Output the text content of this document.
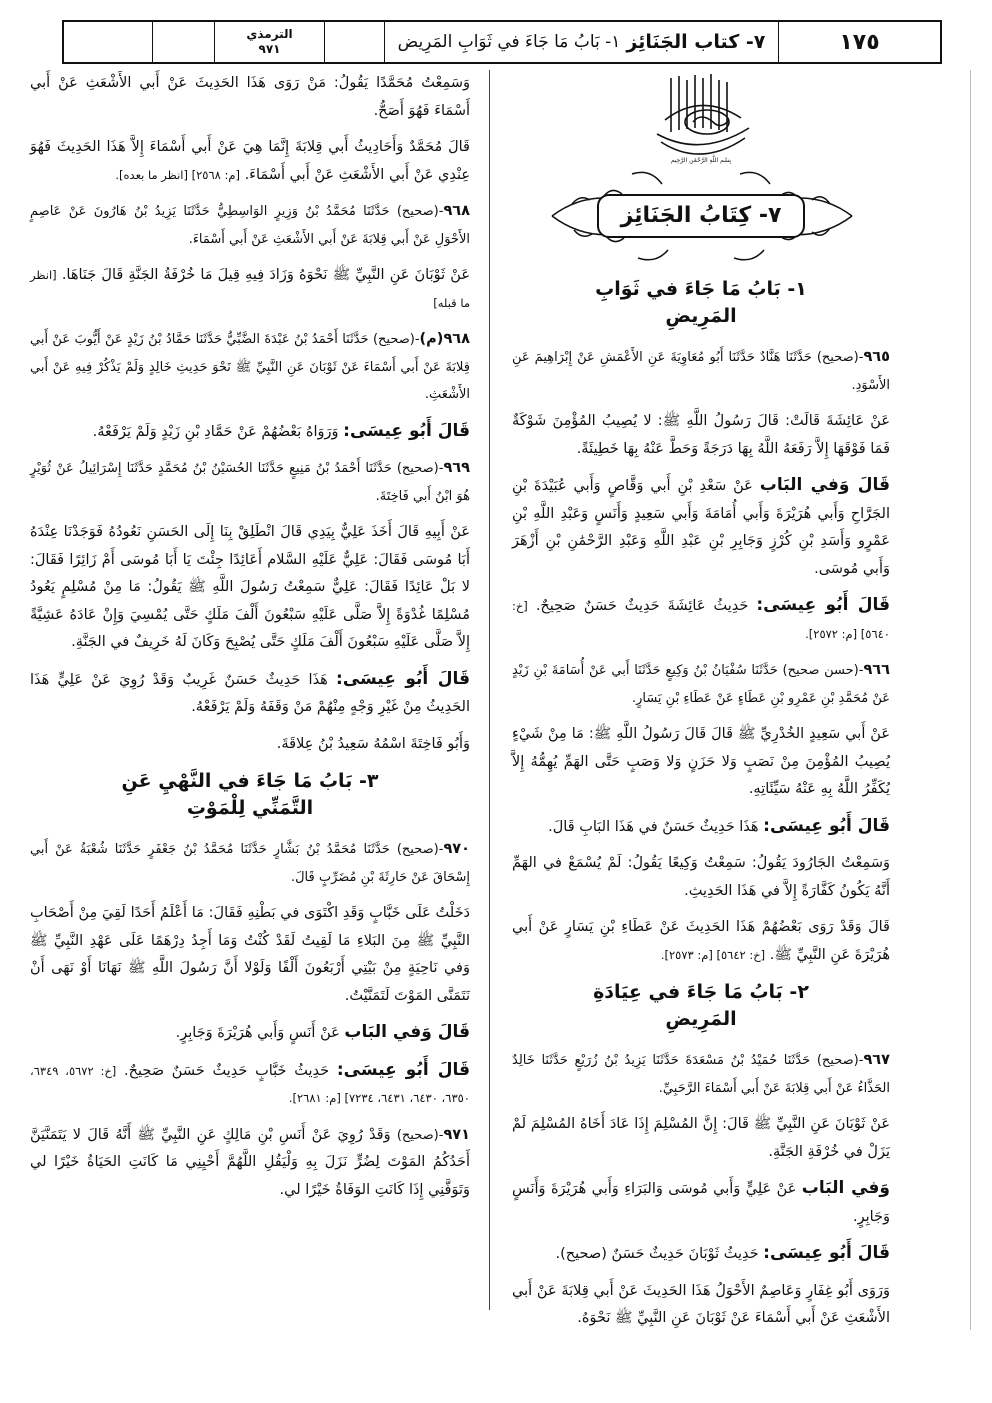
١٧٥
٧- كتاب الجَنَائِز
١- بَابُ مَا جَاءَ في ثَوَابِ المَرِيض
الترمذي
٩٧١
بِسْمِ اللَّهِ الرَّحْمَٰنِ الرَّحِيمِ
٧- كِتَابُ الجَنَائِز
١- بَابُ مَا جَاءَ في ثَوَابِ
المَرِيضِ

٩٦٥-(صحيح) حَدَّثَنَا هَنَّادٌ حَدَّثَنَا أَبُو مُعَاوِيَةَ عَنِ الأَعْمَشِ عَنْ إِبْرَاهِيمَ عَنِ الأَسْوَدِ.

عَنْ عَائِشَةَ قَالَتْ: قَالَ رَسُولُ اللَّهِ ﷺ: لا يُصِيبُ المُؤْمِنَ شَوْكَةٌ فَمَا فَوْقَهَا إِلاَّ رَفَعَهُ اللَّهُ بِهَا دَرَجَةً وَحَطَّ عَنْهُ بِهَا خَطِيئَةً.

قَالَ وَفي البَاب عَنْ سَعْدِ بْنِ أَبي وَقَّاصٍ وَأَبي عُبَيْدَةَ بْنِ الجَرَّاحِ وَأَبي هُرَيْرَةَ وَأَبي أُمَامَةَ وَأَبي سَعِيدٍ وَأَنَسٍ وَعَبْدِ اللَّهِ بْنِ عَمْرٍو وَأَسَدِ بْنِ كُرْزٍ وَجَابِرِ بْنِ عَبْدِ اللَّهِ وَعَبْدِ الرَّحْمَٰنِ بْنِ أَزْهَرَ وَأَبي مُوسَى.

قَالَ أَبُو عِيسَى: حَدِيثُ عَائِشَةَ حَدِيثٌ حَسَنٌ صَحِيحٌ. [خ: ٥٦٤٠] [م: ٢٥٧٢].

٩٦٦-(حسن صحيح) حَدَّثَنَا سُفْيَانُ بْنُ وَكِيعٍ حَدَّثَنَا أَبي عَنْ أُسَامَةَ بْنِ زَيْدٍ عَنْ مُحَمَّدِ بْنِ عَمْرِو بْنِ عَطَاءٍ عَنْ عَطَاءِ بْنِ يَسَارٍ.

عَنْ أَبي سَعِيدٍ الخُدْرِيِّ ﷺ قَالَ قَالَ رَسُولُ اللَّهِ ﷺ: مَا مِنْ شَيْءٍ يُصِيبُ المُؤْمِنَ مِنْ نَصَبٍ وَلا حَزَنٍ وَلا وَصَبٍ حَتَّى الهَمِّ يُهِمُّهُ إِلاَّ يُكَفِّرُ اللَّهُ بِهِ عَنْهُ سَيِّئَاتِهِ.

قَالَ أَبُو عِيسَى: هَذَا حَدِيثٌ حَسَنٌ في هَذَا البَابِ قَالَ.

وَسَمِعْتُ الجَارُودَ يَقُولُ: سَمِعْتُ وَكِيعًا يَقُولُ: لَمْ يُسْمَعْ في الهَمِّ أَنَّهُ يَكُونُ كَفَّارَةً إِلاَّ في هَذَا الحَدِيثِ.

قَالَ وَقَدْ رَوَى بَعْضُهُمْ هَذَا الحَدِيثَ عَنْ عَطَاءِ بْنِ يَسَارٍ عَنْ أَبي هُرَيْرَةَ عَنِ النَّبِيِّ ﷺ. [خ: ٥٦٤٢] [م: ٢٥٧٣].

٢- بَابُ مَا جَاءَ في عِيَادَةِ
المَرِيضِ

٩٦٧-(صحيح) حَدَّثَنَا حُمَيْدُ بْنُ مَسْعَدَةَ حَدَّثَنَا يَزِيدُ بْنُ زُرَيْعٍ حَدَّثَنَا خَالِدٌ الحَذَّاءُ عَنْ أَبي قِلابَةَ عَنْ أَبي أَسْمَاءَ الرَّحَبِيِّ.

عَنْ ثَوْبَانَ عَنِ النَّبِيِّ ﷺ قَالَ: إِنَّ المُسْلِمَ إِذَا عَادَ أَخَاهُ المُسْلِمَ لَمْ يَزَلْ في خُرْفَةِ الجَنَّةِ.

وَفي البَاب عَنْ عَلِيٍّ وَأَبي مُوسَى وَالبَرَاءِ وَأَبي هُرَيْرَةَ وَأَنَسٍ وَجَابِرٍ.

قَالَ أَبُو عِيسَى: حَدِيثُ ثَوْبَانَ حَدِيثٌ حَسَنٌ (صحيح).

وَرَوَى أَبُو غِفَارٍ وَعَاصِمٌ الأَحْوَلُ هَذَا الحَدِيثَ عَنْ أَبي قِلابَةَ عَنْ أَبي الأَشْعَثِ عَنْ أَبي أَسْمَاءَ عَنْ ثَوْبَانَ عَنِ النَّبِيِّ ﷺ نَحْوَهُ.

وَسَمِعْتُ مُحَمَّدًا يَقُولُ: مَنْ رَوَى هَذَا الحَدِيثَ عَنْ أَبي الأَشْعَثِ عَنْ أَبي أَسْمَاءَ فَهُوَ أَصَحُّ.

قَالَ مُحَمَّدٌ وَأَحَادِيثُ أَبي قِلابَةَ إِنَّمَا هِيَ عَنْ أَبي أَسْمَاءَ إِلاَّ هَذَا الحَدِيثَ فَهُوَ عِنْدِي عَنْ أَبي الأَشْعَثِ عَنْ أَبي أَسْمَاءَ. [م: ٢٥٦٨] [انظر ما بعده].

٩٦٨-(صحيح) حَدَّثَنَا مُحَمَّدُ بْنُ وَزِيرٍ الوَاسِطِيُّ حَدَّثَنَا يَزِيدُ بْنُ هَارُونَ عَنْ عَاصِمٍ الأَحْوَلِ عَنْ أَبي قِلابَةَ عَنْ أَبي الأَشْعَثِ عَنْ أَبي أَسْمَاءَ.

عَنْ ثَوْبَانَ عَنِ النَّبِيِّ ﷺ نَحْوَهُ وَزَادَ فِيهِ قِيلَ مَا خُرْفَةُ الجَنَّةِ قَالَ جَنَاهَا. [انظر ما قبله]

٩٦٨(م)-(صحيح) حَدَّثَنَا أَحْمَدُ بْنُ عَبْدَةَ الضَّبِّيُّ حَدَّثَنَا حَمَّادُ بْنُ زَيْدٍ عَنْ أَيُّوبَ عَنْ أَبي قِلابَةَ عَنْ أَبي أَسْمَاءَ عَنْ ثَوْبَانَ عَنِ النَّبِيِّ ﷺ نَحْوَ حَدِيثِ خَالِدٍ وَلَمْ يَذْكُرْ فِيهِ عَنْ أَبي الأَشْعَثِ.

قَالَ أَبُو عِيسَى: وَرَوَاهُ بَعْضُهُمْ عَنْ حَمَّادِ بْنِ زَيْدٍ وَلَمْ يَرْفَعْهُ.

٩٦٩-(صحيح) حَدَّثَنَا أَحْمَدُ بْنُ مَنِيعٍ حَدَّثَنَا الحُسَيْنُ بْنُ مُحَمَّدٍ حَدَّثَنَا إِسْرَائِيلُ عَنْ ثُوَيْرٍ هُوَ ابْنُ أَبي فَاخِتَةَ.

عَنْ أَبِيهِ قَالَ أَخَذَ عَلِيٌّ بِيَدِي قَالَ انْطَلِقْ بِنَا إِلَى الحَسَنِ نَعُودُهُ فَوَجَدْنَا عِنْدَهُ أَبَا مُوسَى فَقَالَ: عَلِيٌّ عَلَيْهِ السَّلام أَعَائِدًا جِئْتَ يَا أَبَا مُوسَى أَمْ زَائِرًا فَقَالَ: لا بَلْ عَائِدًا فَقَالَ: عَلِيٌّ سَمِعْتُ رَسُولَ اللَّهِ ﷺ يَقُولُ: مَا مِنْ مُسْلِمٍ يَعُودُ مُسْلِمًا غُدْوَةً إِلاَّ صَلَّى عَلَيْهِ سَبْعُونَ أَلْفَ مَلَكٍ حَتَّى يُمْسِيَ وَإِنْ عَادَهُ عَشِيَّةً إِلاَّ صَلَّى عَلَيْهِ سَبْعُونَ أَلْفَ مَلَكٍ حَتَّى يُصْبِحَ وَكَانَ لَهُ خَرِيفٌ في الجَنَّةِ.

قَالَ أَبُو عِيسَى: هَذَا حَدِيثٌ حَسَنٌ غَرِيبٌ وَقَدْ رُوِيَ عَنْ عَلِيٍّ هَذَا الحَدِيثُ مِنْ غَيْرِ وَجْهٍ مِنْهُمْ مَنْ وَقَفَهُ وَلَمْ يَرْفَعْهُ.

وَأَبُو فَاخِتَةَ اسْمُهُ سَعِيدُ بْنُ عِلاقَةَ.

٣- بَابُ مَا جَاءَ في النَّهْيِ عَنِ
التَّمَنِّي لِلْمَوْتِ

٩٧٠-(صحيح) حَدَّثَنَا مُحَمَّدُ بْنُ بَشَّارٍ حَدَّثَنَا مُحَمَّدُ بْنُ جَعْفَرٍ حَدَّثَنَا شُعْبَةُ عَنْ أَبي إِسْحَاقَ عَنْ حَارِثَةَ بْنِ مُضَرِّبٍ قَالَ.

دَخَلْتُ عَلَى خَبَّابٍ وَقَدِ اكْتَوَى في بَطْنِهِ فَقَالَ: مَا أَعْلَمُ أَحَدًا لَقِيَ مِنْ أَصْحَابِ النَّبِيِّ ﷺ مِنَ البَلاءِ مَا لَقِيتُ لَقَدْ كُنْتُ وَمَا أَجِدُ دِرْهَمًا عَلَى عَهْدِ النَّبِيِّ ﷺ وَفي نَاحِيَةٍ مِنْ بَيْتِي أَرْبَعُونَ أَلْفًا وَلَوْلا أَنَّ رَسُولَ اللَّهِ ﷺ نَهَانَا أَوْ نَهَى أَنْ نَتَمَنَّى المَوْتَ لَتَمَنَّيْتُ.

قَالَ وَفي البَاب عَنْ أَنَسٍ وَأَبي هُرَيْرَةَ وَجَابِرٍ.

قَالَ أَبُو عِيسَى: حَدِيثُ خَبَّابٍ حَدِيثٌ حَسَنٌ صَحِيحٌ. [خ: ٥٦٧٢، ٦٣٤٩، ٦٣٥٠، ٦٤٣٠، ٦٤٣١، ٧٢٣٤] [م: ٢٦٨١].

٩٧١-(صحيح) وَقَدْ رُوِيَ عَنْ أَنَسِ بْنِ مَالِكٍ عَنِ النَّبِيِّ ﷺ أَنَّهُ قَالَ لا يَتَمَنَّيَنَّ أَحَدُكُمُ المَوْتَ لِضُرٍّ نَزَلَ بِهِ وَلْيَقُلِ اللَّهُمَّ أَحْيِنِي مَا كَانَتِ الحَيَاةُ خَيْرًا لي وَتَوَفَّنِي إِذَا كَانَتِ الوَفَاةُ خَيْرًا لي.
